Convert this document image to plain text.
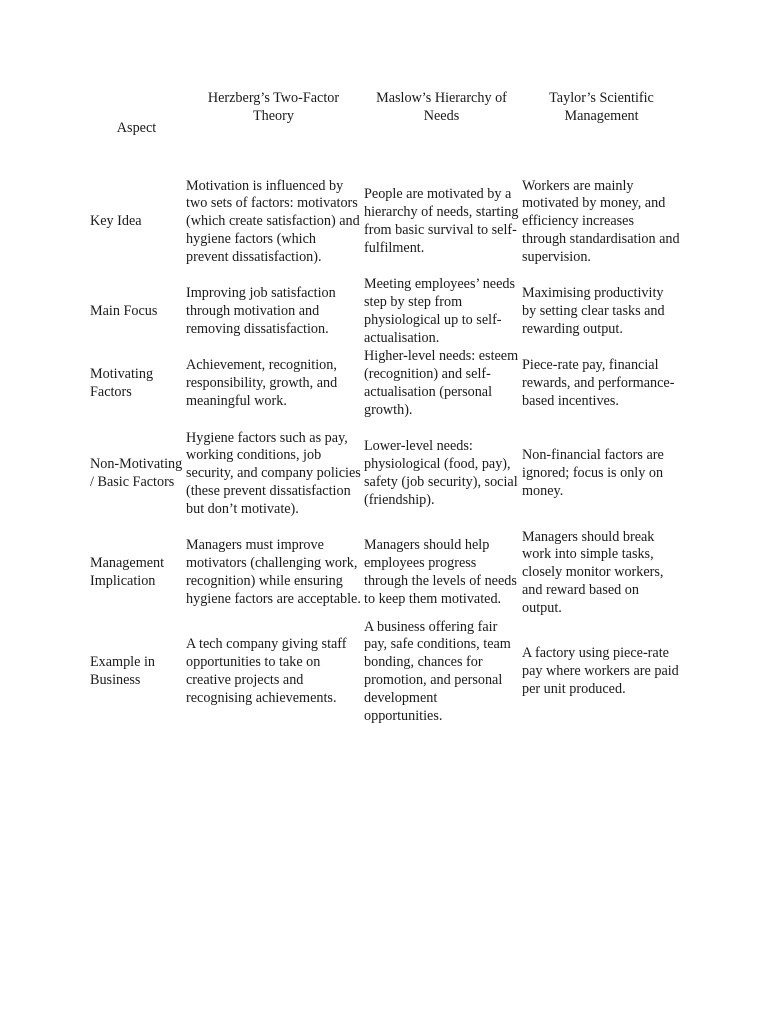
Aspect	Herzberg’s Two-Factor Theory	Maslow’s Hierarchy of Needs	Taylor’s Scientific Management
Key Idea	Motivation is influenced by two sets of factors: motivators (which create satisfaction) and hygiene factors (which prevent dissatisfaction).	People are motivated by a hierarchy of needs, starting from basic survival to self-fulfilment.	Workers are mainly motivated by money, and efficiency increases through standardisation and supervision.
Main Focus	Improving job satisfaction through motivation and removing dissatisfaction.	Meeting employees’ needs step by step from physiological up to self-actualisation.	Maximising productivity by setting clear tasks and rewarding output.
Motivating Factors	Achievement, recognition, responsibility, growth, and meaningful work.	Higher-level needs: esteem (recognition) and self-actualisation (personal growth).	Piece-rate pay, financial rewards, and performance-based incentives.
Non-Motivating / Basic Factors	Hygiene factors such as pay, working conditions, job security, and company policies (these prevent dissatisfaction but don’t motivate).	Lower-level needs: physiological (food, pay), safety (job security), social (friendship).	Non-financial factors are ignored; focus is only on money.
Management Implication	Managers must improve motivators (challenging work, recognition) while ensuring hygiene factors are acceptable.	Managers should help employees progress through the levels of needs to keep them motivated.	Managers should break work into simple tasks, closely monitor workers, and reward based on output.
Example in Business	A tech company giving staff opportunities to take on creative projects and recognising achievements.	A business offering fair pay, safe conditions, team bonding, chances for promotion, and personal development opportunities.	A factory using piece-rate pay where workers are paid per unit produced.
